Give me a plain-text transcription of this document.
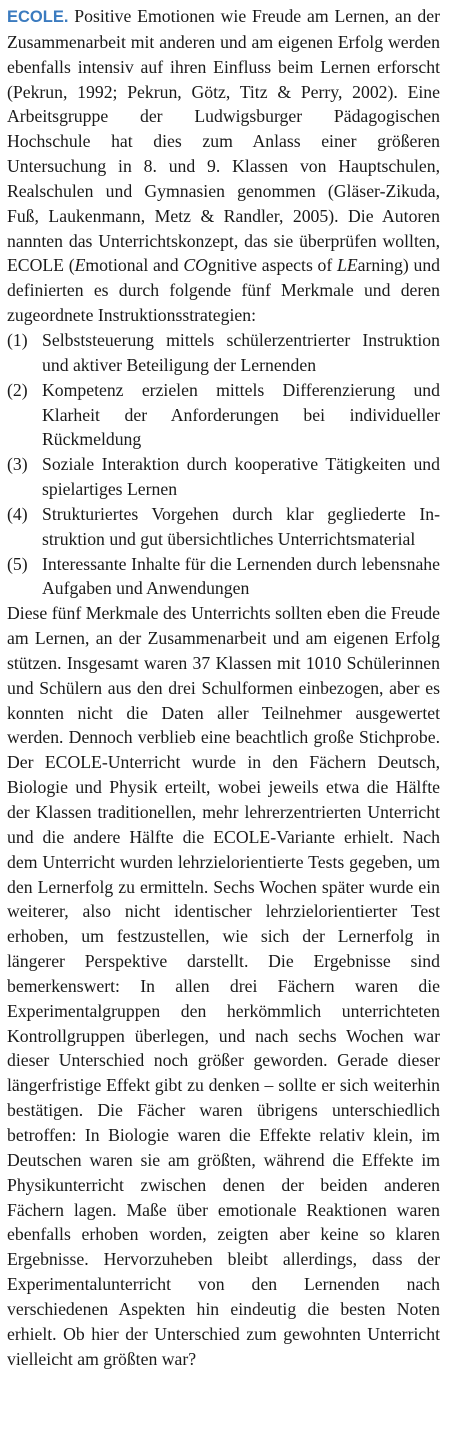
ECOLE. Positive Emotionen wie Freude am Lernen, an der Zusammenarbeit mit anderen und am eigenen Erfolg werden ebenfalls intensiv auf ihren Einfluss beim Lernen erforscht (Pekrun, 1992; Pekrun, Götz, Titz & Perry, 2002). Eine Arbeitsgruppe der Ludwigsburger Pädagogischen Hochschule hat dies zum Anlass einer größeren Untersuchung in 8. und 9. Klassen von Hauptschulen, Realschulen und Gymnasien genommen (Gläser-Zikuda, Fuß, Laukenmann, Metz & Randler, 2005). Die Autoren nannten das Unterrichtskonzept, das sie überprüfen wollten, ECOLE (Emotional and COgnitive aspects of LEarning) und definierten es durch folgende fünf Merkmale und deren zugeordnete Instruktionsstrategien:

(1) Selbststeuerung mittels schülerzentrierter Instruktion und aktiver Beteiligung der Lernenden
(2) Kompetenz erzielen mittels Differenzierung und Klarheit der Anforderungen bei individueller Rückmeldung
(3) Soziale Interaktion durch kooperative Tätigkeiten und spielartiges Lernen
(4) Strukturiertes Vorgehen durch klar gegliederte Instruktion und gut übersichtliches Unterrichtsmaterial
(5) Interessante Inhalte für die Lernenden durch lebensnahe Aufgaben und Anwendungen

Diese fünf Merkmale des Unterrichts sollten eben die Freude am Lernen, an der Zusammenarbeit und am eigenen Erfolg stützen. Insgesamt waren 37 Klassen mit 1010 Schülerinnen und Schülern aus den drei Schulformen einbezogen, aber es konnten nicht die Daten aller Teilnehmer ausgewertet werden. Dennoch verblieb eine beachtlich große Stichprobe. Der ECOLE-Unterricht wurde in den Fächern Deutsch, Biologie und Physik erteilt, wobei jeweils etwa die Hälfte der Klassen traditionellen, mehr lehrerzentrierten Unterricht und die andere Hälfte die ECOLE-Variante erhielt. Nach dem Unterricht wurden lehrzielorientierte Tests gegeben, um den Lernerfolg zu ermitteln. Sechs Wochen später wurde ein weiterer, also nicht identischer lehrzielorientierter Test erhoben, um festzustellen, wie sich der Lernerfolg in längerer Perspektive darstellt. Die Ergebnisse sind bemerkenswert: In allen drei Fächern waren die Experimentalgruppen den herkömmlich unterrichteten Kontrollgruppen überlegen, und nach sechs Wochen war dieser Unterschied noch größer geworden. Gerade dieser längerfristige Effekt gibt zu denken – sollte er sich weiterhin bestätigen. Die Fächer waren übrigens unterschiedlich betroffen: In Biologie waren die Effekte relativ klein, im Deutschen waren sie am größten, während die Effekte im Physikunterricht zwischen denen der beiden anderen Fächern lagen. Maße über emotionale Reaktionen waren ebenfalls erhoben worden, zeigten aber keine so klaren Ergebnisse. Hervorzuheben bleibt allerdings, dass der Experimentalunterricht von den Lernenden nach verschiedenen Aspekten hin eindeutig die besten Noten erhielt. Ob hier der Unterschied zum gewohnten Unterricht vielleicht am größten war?
